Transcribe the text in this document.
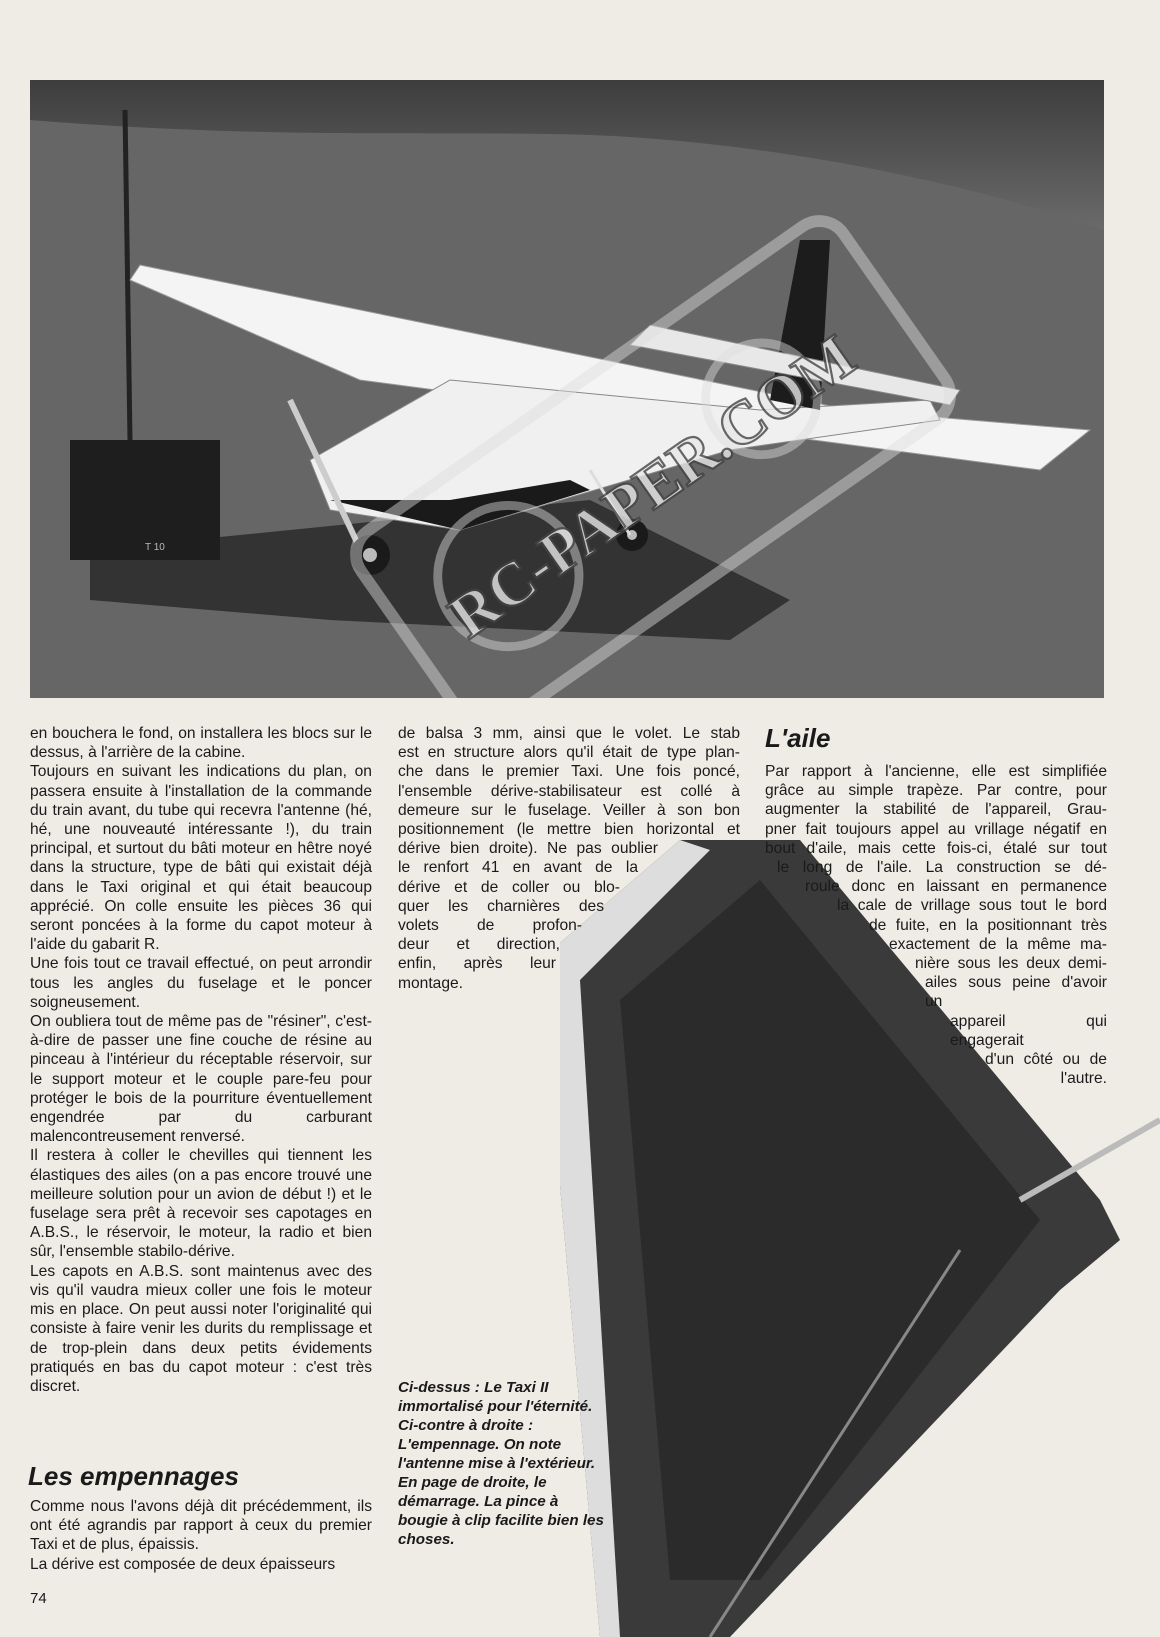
T 10
TAXI II
RC-PAPER.COM

en bouchera le fond, on installera les blocs sur le dessus, à l'arrière de la cabine.

Toujours en suivant les indications du plan, on passera ensuite à l'installation de la commande du train avant, du tube qui recevra l'antenne (hé, hé, une nouveauté intéressante !), du train principal, et surtout du bâti moteur en hêtre noyé dans la structure, type de bâti qui existait déjà dans le Taxi original et qui était beaucoup apprécié. On colle ensuite les pièces 36 qui seront poncées à la forme du capot moteur à l'aide du gabarit R.

Une fois tout ce travail effectué, on peut arrondir tous les angles du fuselage et le poncer soigneusement.

On oubliera tout de même pas de "résiner", c'est-à-dire de passer une fine couche de résine au pinceau à l'intérieur du réceptable réservoir, sur le support moteur et le couple pare-feu pour protéger le bois de la pourriture éventuellement engendrée par du carburant malencontreusement renversé.

Il restera à coller le chevilles qui tiennent les élastiques des ailes (on a pas encore trouvé une meilleure solution pour un avion de début !) et le fuselage sera prêt à recevoir ses capotages en A.B.S., le réservoir, le moteur, la radio et bien sûr, l'ensemble stabilo-dérive.

Les capots en A.B.S. sont maintenus avec des vis qu'il vaudra mieux coller une fois le moteur mis en place. On peut aussi noter l'originalité qui consiste à faire venir les durits du remplissage et de trop-plein dans deux petits évidements pratiqués en bas du capot moteur : c'est très discret.

Les empennages

Comme nous l'avons déjà dit précédemment, ils ont été agrandis par rapport à ceux du premier Taxi et de plus, épaissis.

La dérive est composée de deux épaisseurs

de balsa 3 mm, ainsi que le volet. Le stab

est en structure alors qu'il était de type plan-

che dans le premier Taxi. Une fois poncé,

l'ensemble dérive-stabilisateur est collé à

demeure sur le fuselage. Veiller à son bon

positionnement (le mettre bien horizontal et

dérive bien droite). Ne pas oublier

le renfort 41 en avant de la

dérive et de coller ou blo-

quer les charnières des

volets de profon-

deur et direction,

enfin, après leur

montage.

Ci-dessus : Le Taxi II immortalisé pour l'éternité. Ci-contre à droite : L'empennage. On note l'antenne mise à l'extérieur. En page de droite, le démarrage. La pince à bougie à clip facilite bien les choses.
L'aile

Par rapport à l'ancienne, elle est simplifiée

grâce au simple trapèze. Par contre, pour

augmenter la stabilité de l'appareil, Grau-

pner fait toujours appel au vrillage négatif en

bout d'aile, mais cette fois-ci, étalé sur tout

le long de l'aile. La construction se dé-

roule donc en laissant en permanence

la cale de vrillage sous tout le bord

de fuite, en la positionnant très

exactement de la même ma-

nière sous les deux demi-

ailes sous peine d'avoir un

appareil qui engagerait

d'un côté ou de

l'autre.

74
